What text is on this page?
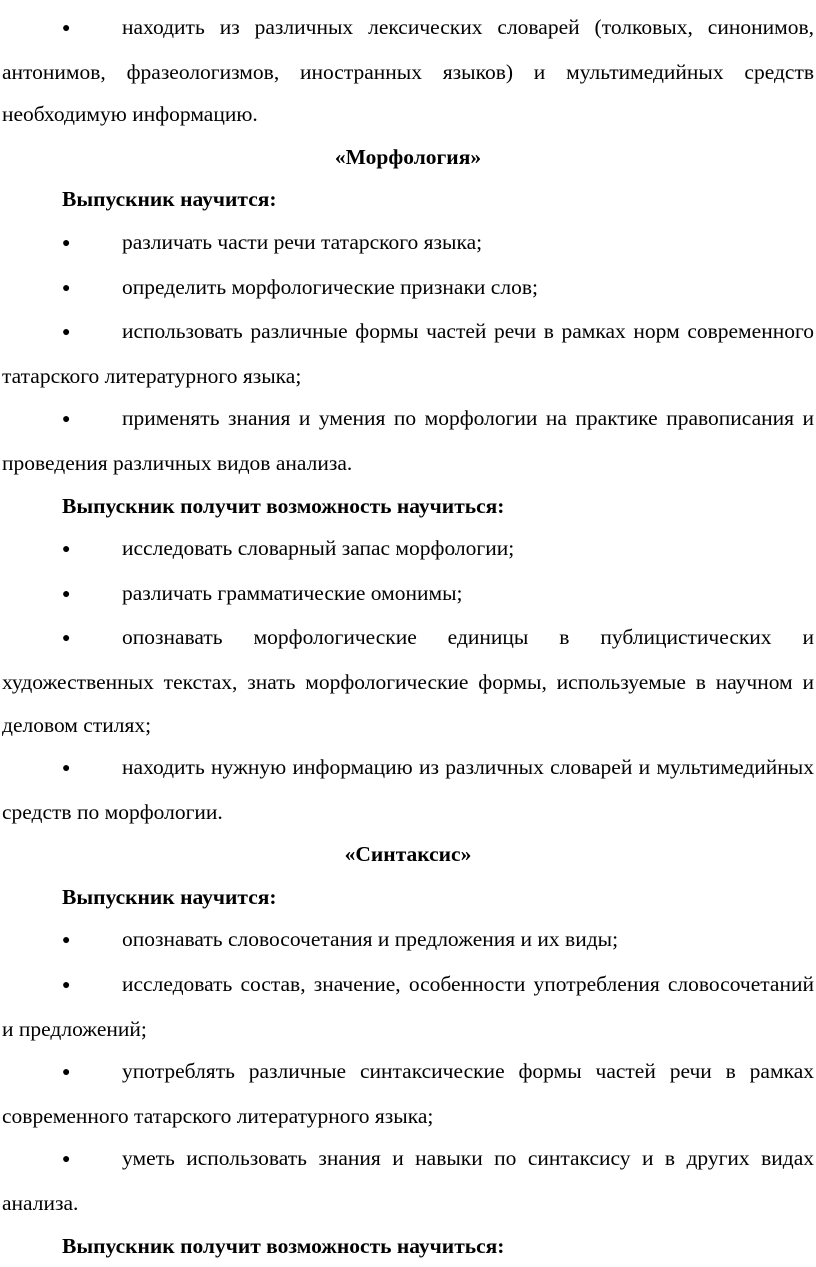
● находить из различных лексических словарей (толковых, синонимов, антонимов, фразеологизмов, иностранных языков) и мультимедийных средств необходимую информацию.

«Морфология»

Выпускник научится:

● различать части речи татарского языка;

● определить морфологические признаки слов;

● использовать различные формы частей речи в рамках норм современного татарского литературного языка;

● применять знания и умения по морфологии на практике правописания и проведения различных видов анализа.

Выпускник получит возможность научиться:

● исследовать словарный запас морфологии;

● различать грамматические омонимы;

● опознавать морфологические единицы в публицистических и художественных текстах, знать морфологические формы, используемые в научном и деловом стилях;

● находить нужную информацию из различных словарей и мультимедийных средств по морфологии.

«Синтаксис»

Выпускник научится:

● опознавать словосочетания и предложения и их виды;

● исследовать состав, значение, особенности употребления словосочетаний и предложений;

● употреблять различные синтаксические формы частей речи в рамках современного татарского литературного языка;

● уметь использовать знания и навыки по синтаксису и в других видах анализа.

Выпускник получит возможность научиться:
